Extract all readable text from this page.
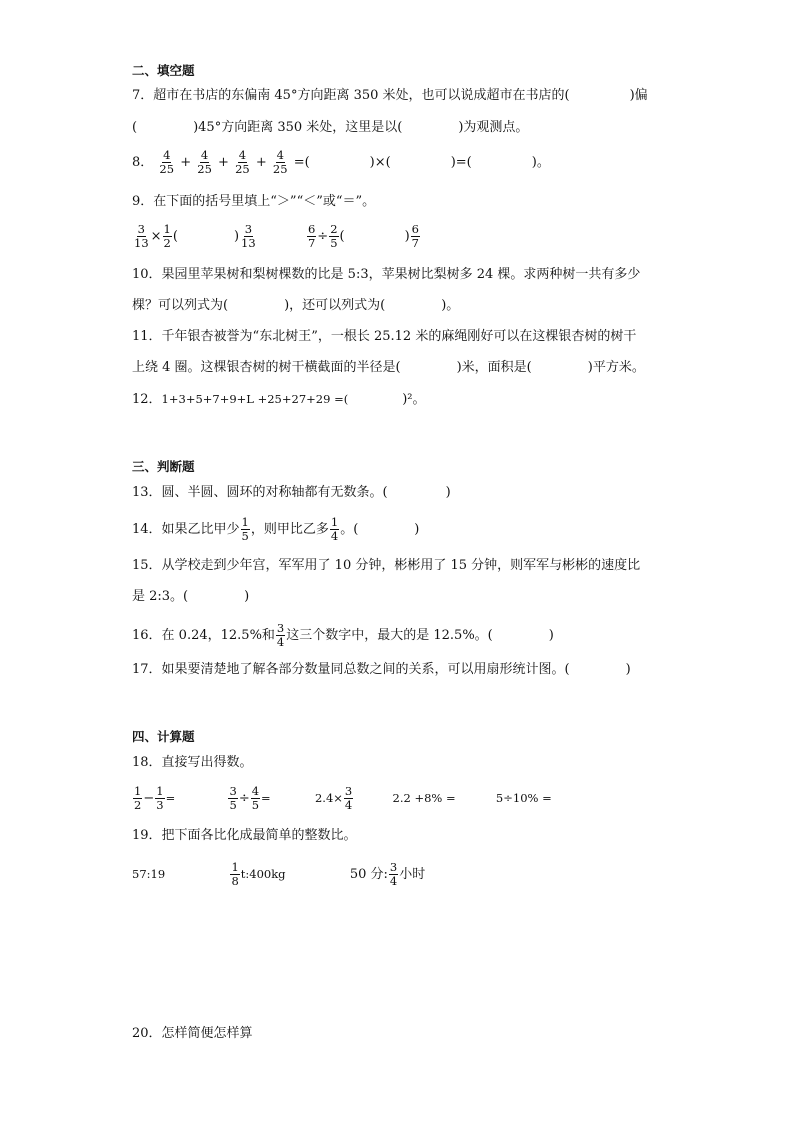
二、填空题
7．超市在书店的东偏南 45°方向距离 350 米处，也可以说成超市在书店的(	)偏
(	)45°方向距离 350 米处，这里是以(	)为观测点。
8． $\frac{4}{25} + \frac{4}{25} + \frac{4}{25} + \frac{4}{25}$ =(	)×(	)=(	)。
9．在下面的括号里填上“＞”“＜”或“＝”。
$\frac{3}{13} \times \frac{1}{2}$ (	) $\frac{3}{13}$
	$\frac{6}{7} \div \frac{2}{5}$ (	) $\frac{6}{7}$
10．果园里苹果树和梨树棵数的比是 5:3，苹果树比梨树多 24 棵。求两种树一共有多少
棵？可以列式为(	)，还可以列式为(	)。
11．千年银杏被誉为“东北树王”，一根长 25.12 米的麻绳刚好可以在这棵银杏树的树干
上绕 4 圈。这棵银杏树的树干横截面的半径是(	)米，面积是(	)平方米。
12．1+3+5+7+9+L +25+27+29 =(	)²。
三、判断题
13．圆、半圆、圆环的对称轴都有无数条。(	)
14．如果乙比甲少 $\frac{1}{5}$ ，则甲比乙多 $\frac{1}{4}$ 。(	)
15．从学校走到少年宫，军军用了 10 分钟，彬彬用了 15 分钟，则军军与彬彬的速度比
是 2:3。(	)
16．在 0.24，12.5%和 $\frac{3}{4}$ 这三个数字中，最大的是 12.5%。(	)
17．如果要清楚地了解各部分数量同总数之间的关系，可以用扇形统计图。(	)
四、计算题
18．直接写出得数。
$\frac{1}{2} - \frac{1}{3}$ =	$\frac{3}{5} \div \frac{4}{5}$ =	$2.4\times \frac{3}{4}$	2.2 +8% =	5÷10% =
19．把下面各比化成最简单的整数比。
57:19	$\frac{1}{8}$ t:400kg	50 分: $\frac{3}{4}$ 小时
20．怎样简便怎样算
